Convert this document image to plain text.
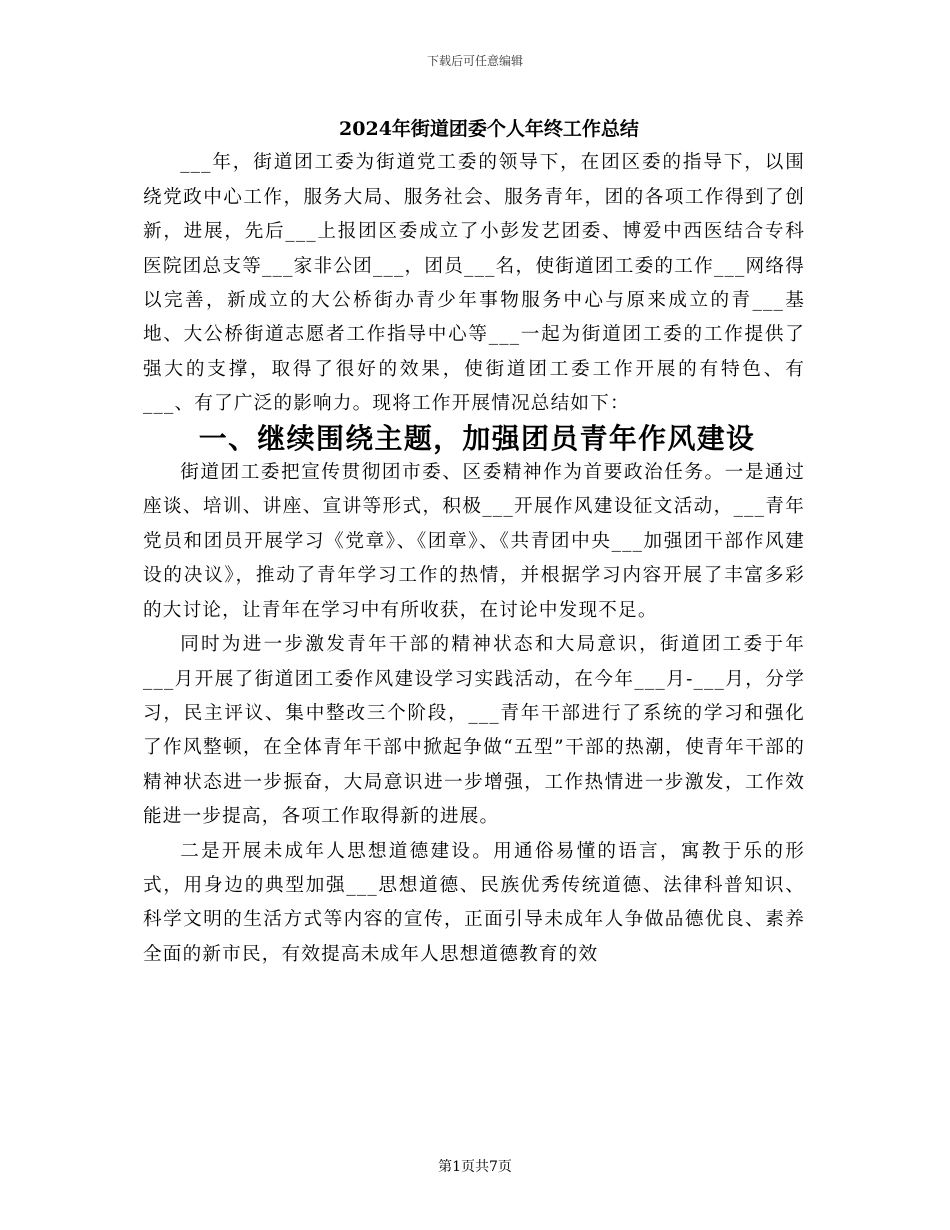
下载后可任意编辑
2024年街道团委个人年终工作总结

___年，街道团工委为街道党工委的领导下，在团区委的指导下，以围绕党政中心工作，服务大局、服务社会、服务青年，团的各项工作得到了创新，进展，先后___上报团区委成立了小彭发艺团委、博爱中西医结合专科医院团总支等___家非公团___，团员___名，使街道团工委的工作___网络得以完善，新成立的大公桥街办青少年事物服务中心与原来成立的青___基地、大公桥街道志愿者工作指导中心等___一起为街道团工委的工作提供了强大的支撑，取得了很好的效果，使街道团工委工作开展的有特色、有___、有了广泛的影响力。现将工作开展情况总结如下：

一、继续围绕主题，加强团员青年作风建设

街道团工委把宣传贯彻团市委、区委精神作为首要政治任务。一是通过座谈、培训、讲座、宣讲等形式，积极___开展作风建设征文活动，___青年党员和团员开展学习《党章》、《团章》、《共青团中央___加强团干部作风建设的决议》，推动了青年学习工作的热情，并根据学习内容开展了丰富多彩的大讨论，让青年在学习中有所收获，在讨论中发现不足。

同时为进一步激发青年干部的精神状态和大局意识，街道团工委于年___月开展了街道团工委作风建设学习实践活动，在今年___月-___月，分学习，民主评议、集中整改三个阶段，___青年干部进行了系统的学习和强化了作风整顿，在全体青年干部中掀起争做“五型”干部的热潮，使青年干部的精神状态进一步振奋，大局意识进一步增强，工作热情进一步激发，工作效能进一步提高，各项工作取得新的进展。

二是开展未成年人思想道德建设。用通俗易懂的语言，寓教于乐的形式，用身边的典型加强___思想道德、民族优秀传统道德、法律科普知识、科学文明的生活方式等内容的宣传，正面引导未成年人争做品德优良、素养全面的新市民，有效提高未成年人思想道德教育的效

第1页共7页
